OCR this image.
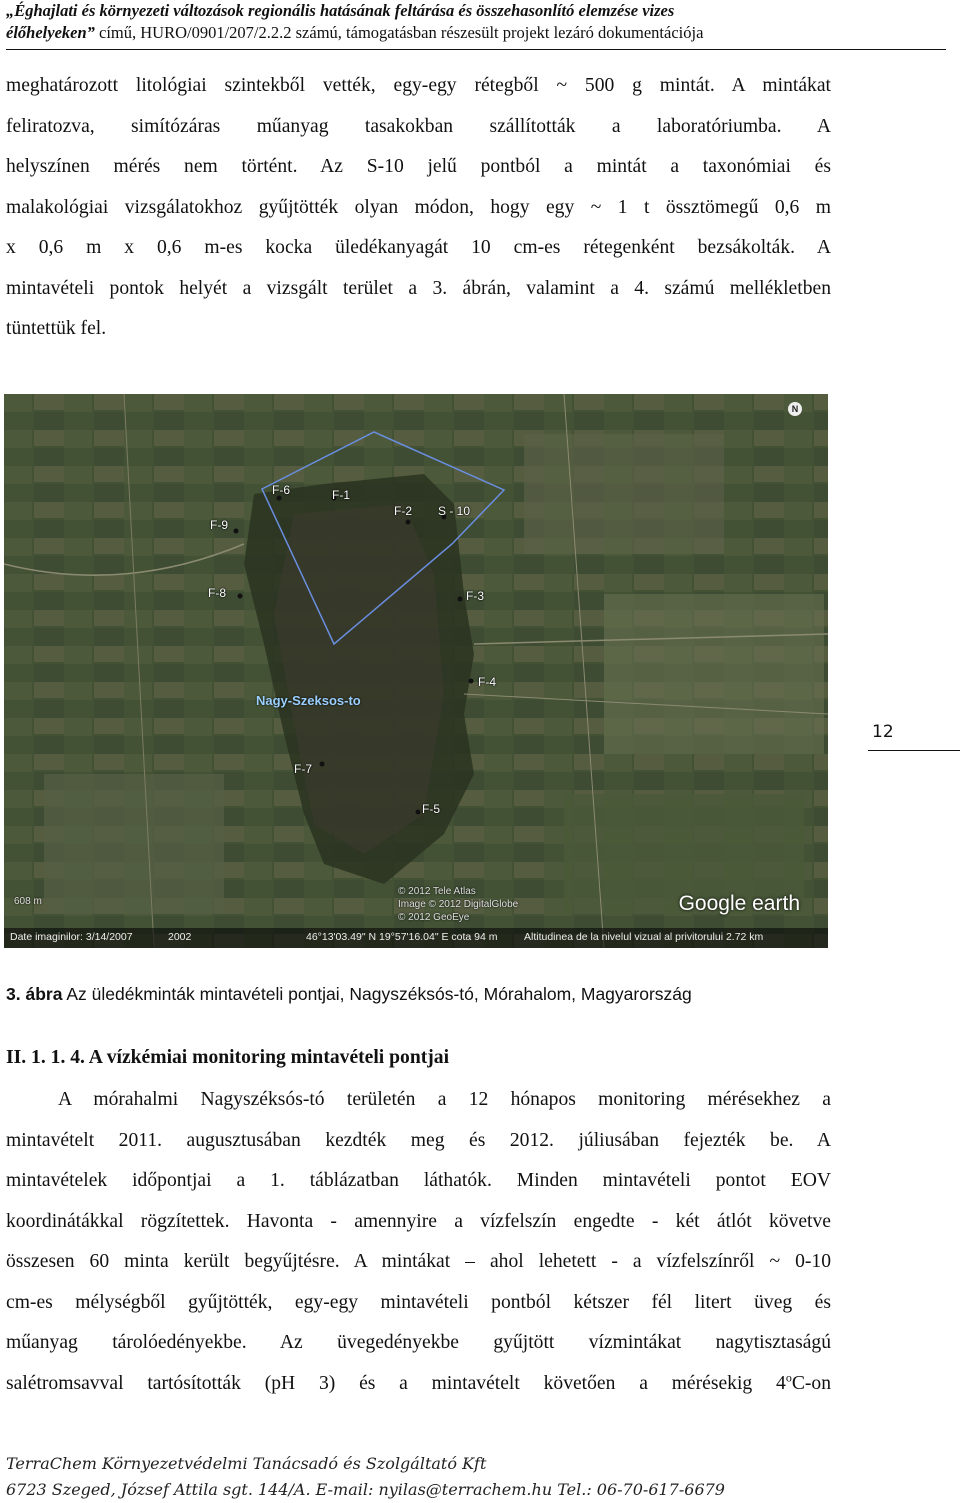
„Éghajlati és környezeti változások regionális hatásának feltárása és összehasonlító elemzése vizes
élőhelyeken” című, HURO/0901/207/2.2.2 számú, támogatásban részesült projekt lezáró dokumentációja
meghatározott litológiai szintekből vették, egy-egy rétegből ~ 500 g mintát. A mintákat
feliratozva, simítózáras műanyag tasakokban szállították a laboratóriumba. A
helyszínen mérés nem történt. Az S-10 jelű pontból a mintát a taxonómiai és
malakológiai vizsgálatokhoz gyűjtötték olyan módon, hogy egy ~ 1 t össztömegű 0,6 m
x 0,6 m x 0,6 m-es kocka üledékanyagát 10 cm-es rétegenként bezsákolták. A
mintavételi pontok helyét a vizsgált terület a 3. ábrán, valamint a 4. számú mellékletben
tüntettük fel.
F-6	F-1
F-2 S - 10
F-9
F-3
F-8
F-4
F-7
F-5
Nagy-Szeksos-to
N
© 2012 Tele Atlas
Image © 2012 DigitalGlobe
© 2012 GeoEye
608 m	Google earth
Date imaginilor: 3/14/2007	2002	46°13'03.49" N 19°57'16.04" E cota 94 m	Altitudinea de la nivelul vizual al privitorului 2.72 km
12
3. ábra Az üledékminták mintavételi pontjai, Nagyszéksós-tó, Mórahalom, Magyarország
II. 1. 1. 4. A vízkémiai monitoring mintavételi pontjai
A mórahalmi Nagyszéksós-tó területén a 12 hónapos monitoring mérésekhez a
mintavételt 2011. augusztusában kezdték meg és 2012. júliusában fejezték be. A
mintavételek időpontjai a 1. táblázatban láthatók. Minden mintavételi pontot EOV
koordinátákkal rögzítettek. Havonta - amennyire a vízfelszín engedte - két átlót követve
összesen 60 minta került begyűjtésre. A mintákat – ahol lehetett - a vízfelszínről ~ 0-10
cm-es mélységből gyűjtötték, egy-egy mintavételi pontból kétszer fél litert üveg és
műanyag tárolóedényekbe. Az üvegedényekbe gyűjtött vízmintákat nagytisztaságú
salétromsavval tartósították (pH 3) és a mintavételt követően a mérésekig 4$^o$C-on
TerraChem Környezetvédelmi Tanácsadó és Szolgáltató Kft
6723 Szeged, József Attila sgt. 144/A. E-mail: nyilas@terrachem.hu Tel.: 06-70-617-6679
